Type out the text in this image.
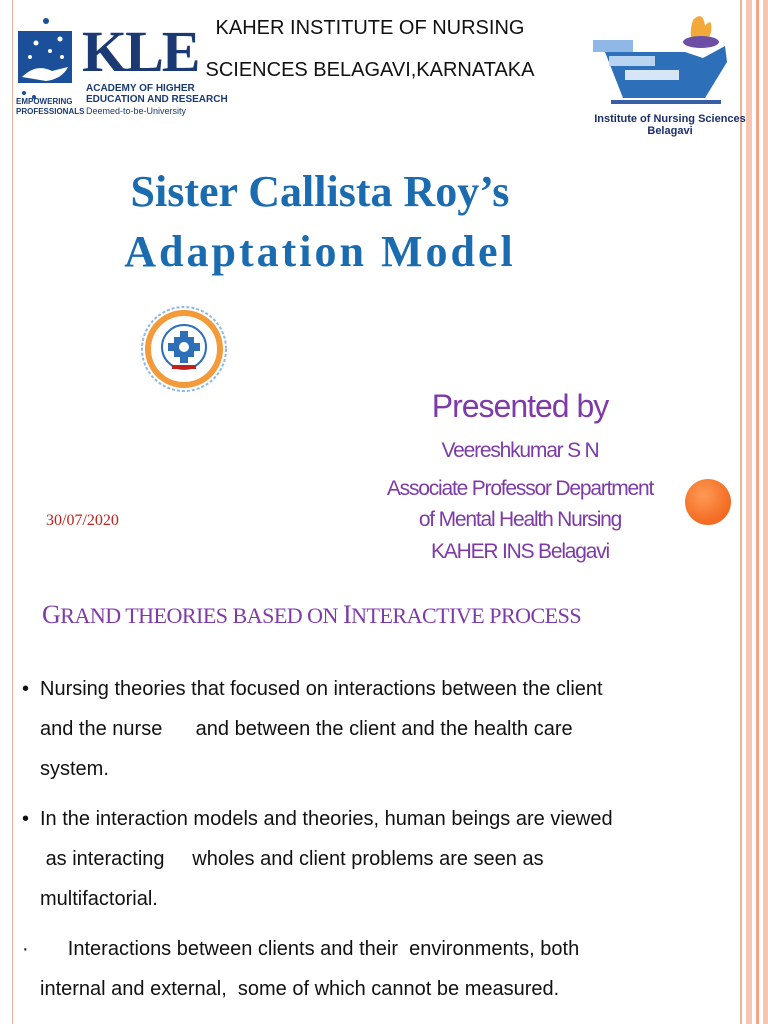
KLE
ACADEMY OF HIGHER
EDUCATION AND RESEARCH
Deemed-to-be-University
EMPOWERING
PROFESSIONALS
KAHER INSTITUTE OF NURSING
SCIENCES BELAGAVI,KARNATAKA
Institute of Nursing Sciences
Belagavi
Sister Callista Roy’s
Adaptation Model
Presented by
Veereshkumar S N
Associate Professor Department
of Mental Health Nursing
KAHER INS Belagavi
30/07/2020
GRAND THEORIES BASED ON INTERACTIVE PROCESS
• Nursing theories that focused on interactions between the client
and the nurse      and between the client and the health care
system.
• In the interaction models and theories, human beings are viewed
as interacting     wholes and client problems are seen as
multifactorial.
·	Interactions between clients and their  environments, both
internal and external,  some of which cannot be measured.
